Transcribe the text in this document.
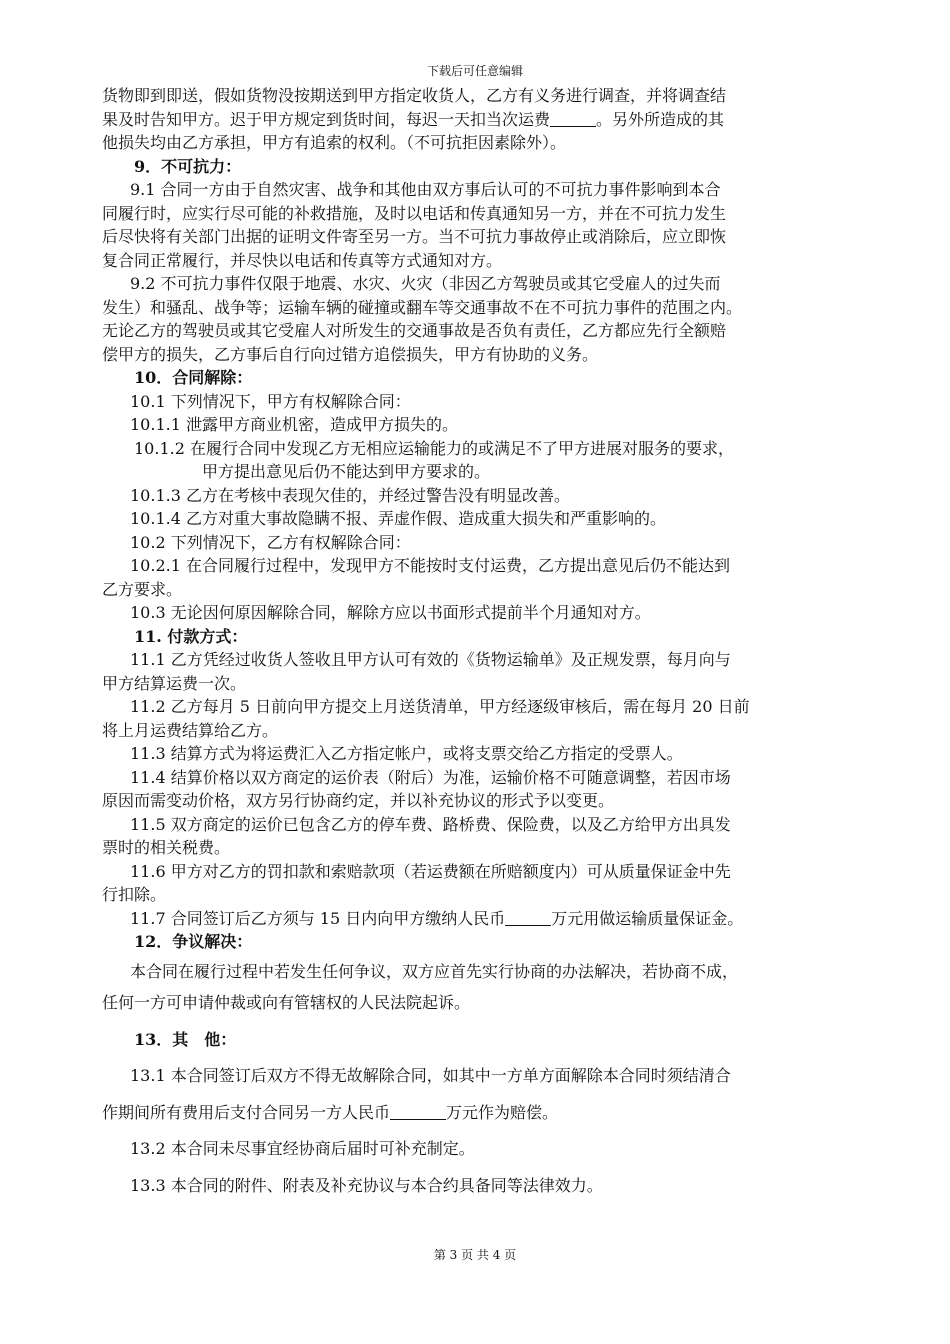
下载后可任意编辑

货物即到即送，假如货物没按期送到甲方指定收货人，乙方有义务进行调查，并将调查结

果及时告知甲方。迟于甲方规定到货时间，每迟一天扣当次运费	。另外所造成的其

他损失均由乙方承担，甲方有追索的权利。（不可抗拒因素除外）。

9．不可抗力：

9.1 合同一方由于自然灾害、战争和其他由双方事后认可的不可抗力事件影响到本合

同履行时，应实行尽可能的补救措施，及时以电话和传真通知另一方，并在不可抗力发生

后尽快将有关部门出据的证明文件寄至另一方。当不可抗力事故停止或消除后，应立即恢

复合同正常履行，并尽快以电话和传真等方式通知对方。

9.2 不可抗力事件仅限于地震、水灾、火灾（非因乙方驾驶员或其它受雇人的过失而

发生）和骚乱、战争等；运输车辆的碰撞或翻车等交通事故不在不可抗力事件的范围之内。

无论乙方的驾驶员或其它受雇人对所发生的交通事故是否负有责任，乙方都应先行全额赔

偿甲方的损失，乙方事后自行向过错方追偿损失，甲方有协助的义务。

10．合同解除：

10.1 下列情况下，甲方有权解除合同：

10.1.1 泄露甲方商业机密，造成甲方损失的。

10.1.2 在履行合同中发现乙方无相应运输能力的或满足不了甲方进展对服务的要求，

甲方提出意见后仍不能达到甲方要求的。

10.1.3 乙方在考核中表现欠佳的，并经过警告没有明显改善。

10.1.4 乙方对重大事故隐瞒不报、弄虚作假、造成重大损失和严重影响的。

10.2 下列情况下，乙方有权解除合同：

10.2.1 在合同履行过程中，发现甲方不能按时支付运费，乙方提出意见后仍不能达到

乙方要求。

10.3 无论因何原因解除合同，解除方应以书面形式提前半个月通知对方。

11. 付款方式：

11.1 乙方凭经过收货人签收且甲方认可有效的《货物运输单》及正规发票，每月向与

甲方结算运费一次。

11.2 乙方每月 5 日前向甲方提交上月送货清单，甲方经逐级审核后，需在每月 20 日前

将上月运费结算给乙方。

11.3 结算方式为将运费汇入乙方指定帐户，或将支票交给乙方指定的受票人。

11.4 结算价格以双方商定的运价表（附后）为准，运输价格不可随意调整，若因市场

原因而需变动价格，双方另行协商约定，并以补充协议的形式予以变更。

11.5 双方商定的运价已包含乙方的停车费、路桥费、保险费，以及乙方给甲方出具发

票时的相关税费。

11.6 甲方对乙方的罚扣款和索赔款项（若运费额在所赔额度内）可从质量保证金中先

行扣除。

11.7 合同签订后乙方须与 15 日内向甲方缴纳人民币	万元用做运输质量保证金。

12．争议解决：

本合同在履行过程中若发生任何争议，双方应首先实行协商的办法解决，若协商不成，

任何一方可申请仲裁或向有管辖权的人民法院起诉。

13．其　他：

13.1 本合同签订后双方不得无故解除合同，如其中一方单方面解除本合同时须结清合

作期间所有费用后支付合同另一方人民币	万元作为赔偿。

13.2 本合同未尽事宜经协商后届时可补充制定。

13.3 本合同的附件、附表及补充协议与本合约具备同等法律效力。

第 3 页 共 4 页
